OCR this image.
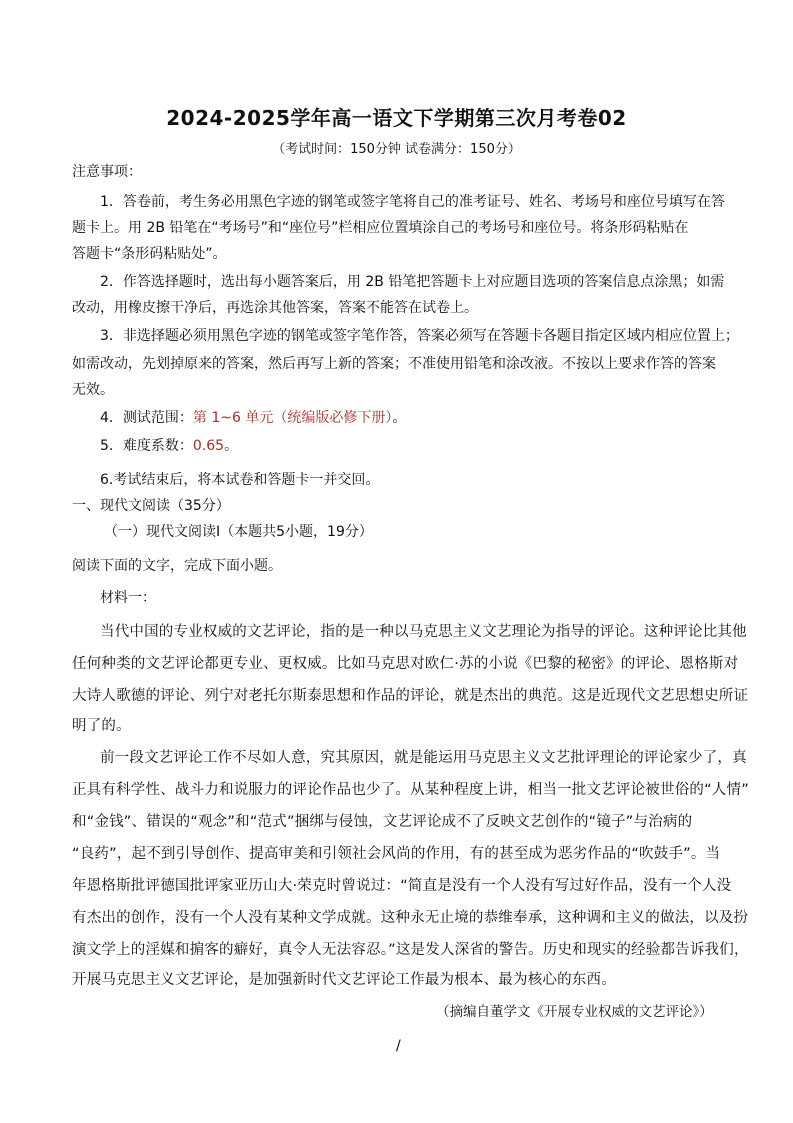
2024-2025学年高一语文下学期第三次月考卷02
（考试时间：150分钟 试卷满分：150分）
注意事项：
1．答卷前，考生务必用黑色字迹的钢笔或签字笔将自己的准考证号、姓名、考场号和座位号填写在答
题卡上。用 2B 铅笔在“考场号”和“座位号”栏相应位置填涂自己的考场号和座位号。将条形码粘贴在
答题卡“条形码粘贴处”。
2．作答选择题时，选出每小题答案后，用 2B 铅笔把答题卡上对应题目选项的答案信息点涂黑；如需
改动，用橡皮擦干净后，再选涂其他答案，答案不能答在试卷上。
3．非选择题必须用黑色字迹的钢笔或签字笔作答，答案必须写在答题卡各题目指定区域内相应位置上；
如需改动，先划掉原来的答案，然后再写上新的答案；不准使用铅笔和涂改液。不按以上要求作答的答案
无效。
4．测试范围：第 1~6 单元（统编版必修下册）。
5．难度系数：0.65。
6.考试结束后，将本试卷和答题卡一并交回。
一、现代文阅读（35分）
（一）现代文阅读Ⅰ（本题共5小题，19分）
阅读下面的文字，完成下面小题。
材料一：
当代中国的专业权威的文艺评论，指的是一种以马克思主义文艺理论为指导的评论。这种评论比其他
任何种类的文艺评论都更专业、更权威。比如马克思对欧仁·苏的小说《巴黎的秘密》的评论、恩格斯对
大诗人歌德的评论、列宁对老托尔斯泰思想和作品的评论，就是杰出的典范。这是近现代文艺思想史所证
明了的。
前一段文艺评论工作不尽如人意，究其原因，就是能运用马克思主义文艺批评理论的评论家少了，真
正具有科学性、战斗力和说服力的评论作品也少了。从某种程度上讲，相当一批文艺评论被世俗的“人情”
和“金钱”、错误的“观念”和“范式”捆绑与侵蚀，文艺评论成不了反映文艺创作的“镜子”与治病的
“良药”，起不到引导创作、提高审美和引领社会风尚的作用，有的甚至成为恶劣作品的“吹鼓手”。当
年恩格斯批评德国批评家亚历山大·荣克时曾说过：“简直是没有一个人没有写过好作品，没有一个人没
有杰出的创作，没有一个人没有某种文学成就。这种永无止境的恭维奉承，这种调和主义的做法，以及扮
演文学上的淫媒和掮客的癖好，真令人无法容忍。”这是发人深省的警告。历史和现实的经验都告诉我们，
开展马克思主义文艺评论，是加强新时代文艺评论工作最为根本、最为核心的东西。
（摘编自董学文《开展专业权威的文艺评论》）
/
